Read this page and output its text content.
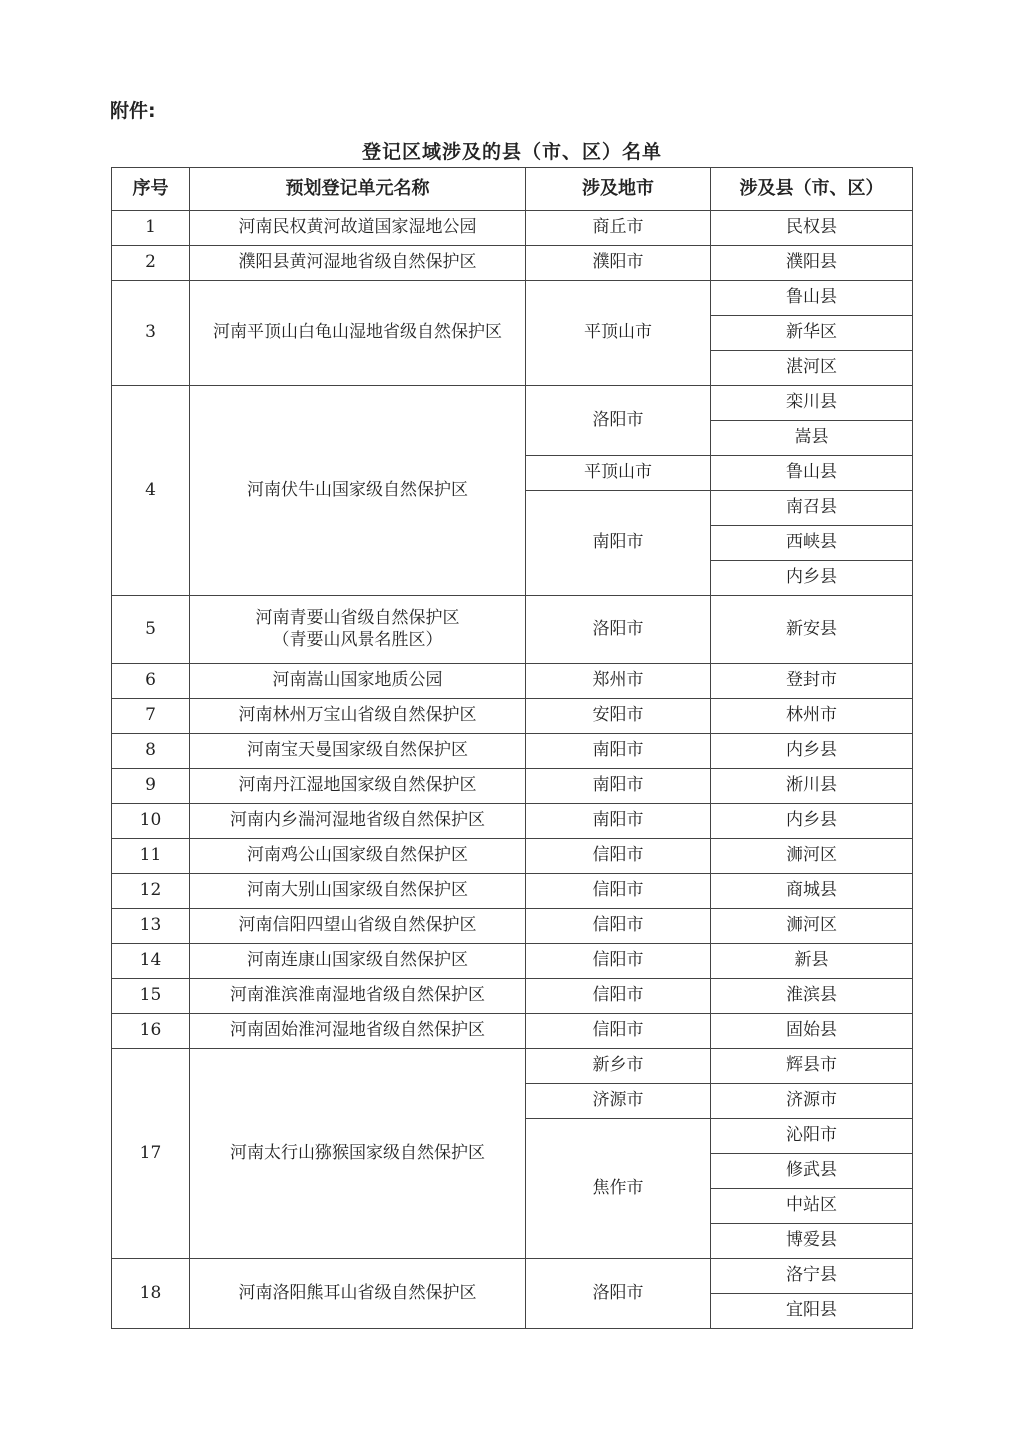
附件:
登记区域涉及的县（市、区）名单
序号	预划登记单元名称	涉及地市	涉及县（市、区）
1	河南民权黄河故道国家湿地公园	商丘市	民权县
2	濮阳县黄河湿地省级自然保护区	濮阳市	濮阳县
3	河南平顶山白龟山湿地省级自然保护区	平顶山市	鲁山县
			新华区
			湛河区
4	河南伏牛山国家级自然保护区	洛阳市	栾川县
			嵩县
		平顶山市	鲁山县
		南阳市	南召县
			西峡县
			内乡县
5	河南青要山省级自然保护区
（青要山风景名胜区）	洛阳市	新安县
6	河南嵩山国家地质公园	郑州市	登封市
7	河南林州万宝山省级自然保护区	安阳市	林州市
8	河南宝天曼国家级自然保护区	南阳市	内乡县
9	河南丹江湿地国家级自然保护区	南阳市	淅川县
10	河南内乡湍河湿地省级自然保护区	南阳市	内乡县
11	河南鸡公山国家级自然保护区	信阳市	浉河区
12	河南大别山国家级自然保护区	信阳市	商城县
13	河南信阳四望山省级自然保护区	信阳市	浉河区
14	河南连康山国家级自然保护区	信阳市	新县
15	河南淮滨淮南湿地省级自然保护区	信阳市	淮滨县
16	河南固始淮河湿地省级自然保护区	信阳市	固始县
17	河南太行山猕猴国家级自然保护区	新乡市	辉县市
		济源市	济源市
		焦作市	沁阳市
			修武县
			中站区
			博爱县
18	河南洛阳熊耳山省级自然保护区	洛阳市	洛宁县
			宜阳县
